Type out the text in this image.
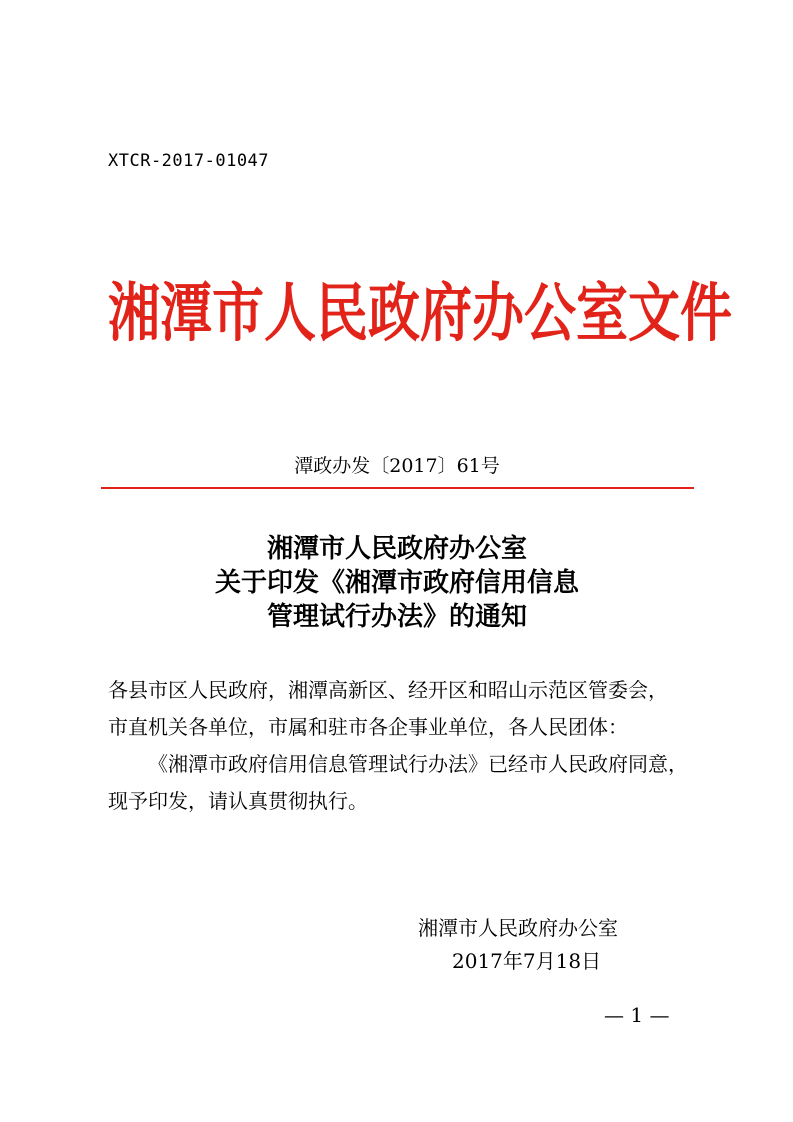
XTCR-2017-01047
湘潭市人民政府办公室文件
潭政办发〔2017〕61号
湘潭市人民政府办公室
关于印发《湘潭市政府信用信息
管理试行办法》的通知

各县市区人民政府，湘潭高新区、经开区和昭山示范区管委会，

市直机关各单位，市属和驻市各企事业单位，各人民团体：

《湘潭市政府信用信息管理试行办法》已经市人民政府同意，现予印发，请认真贯彻执行。

湘潭市人民政府办公室
2017年7月18日
— 1 —
